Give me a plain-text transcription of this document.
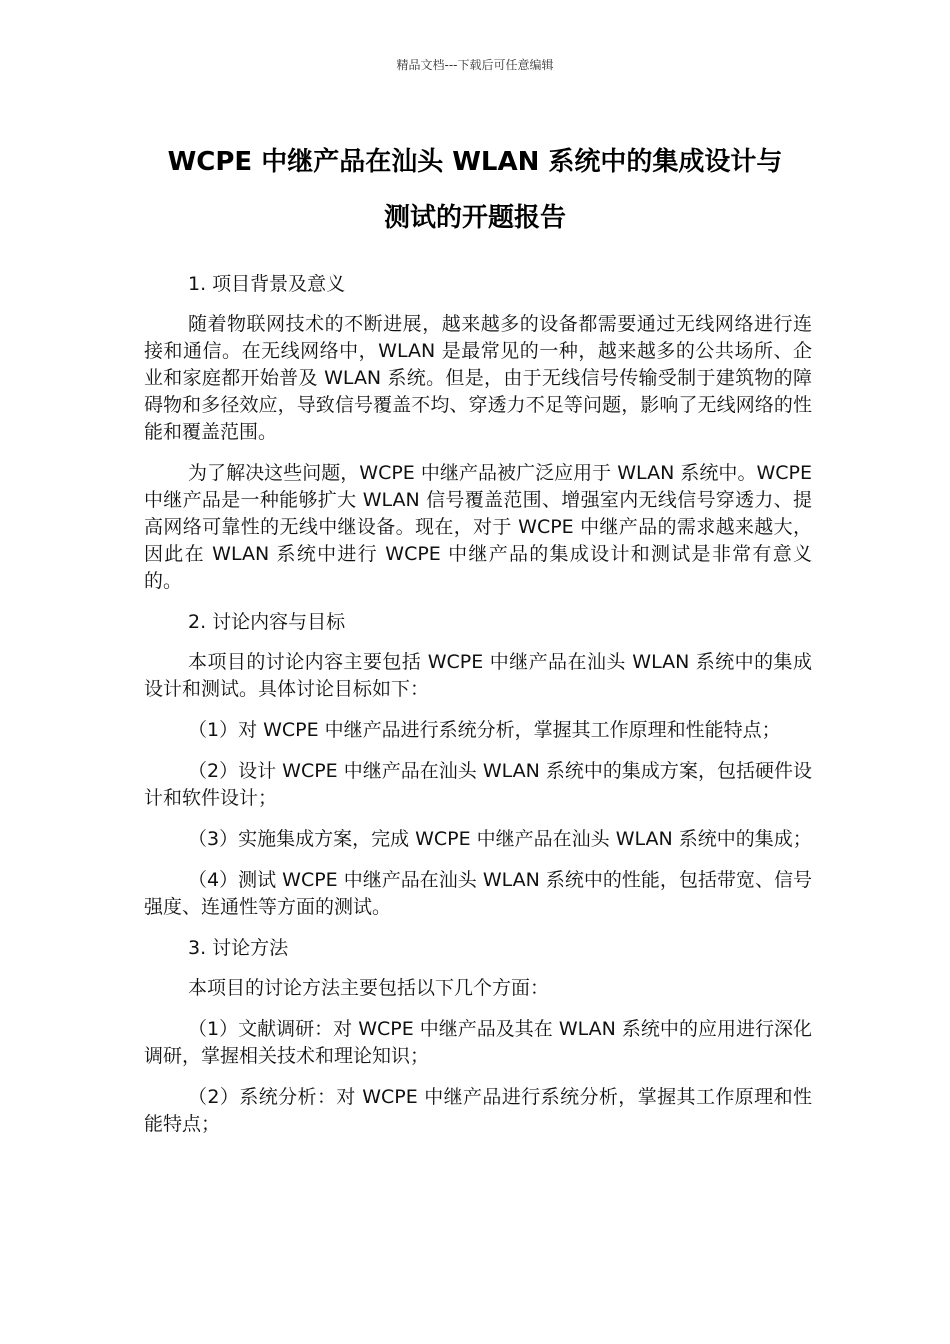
精品文档---下载后可任意编辑
WCPE 中继产品在汕头 WLAN 系统中的集成设计与
测试的开题报告

1. 项目背景及意义

随着物联网技术的不断进展，越来越多的设备都需要通过无线网络进行连接和通信。在无线网络中，WLAN 是最常见的一种，越来越多的公共场所、企业和家庭都开始普及 WLAN 系统。但是，由于无线信号传输受制于建筑物的障碍物和多径效应，导致信号覆盖不均、穿透力不足等问题，影响了无线网络的性能和覆盖范围。

为了解决这些问题，WCPE 中继产品被广泛应用于 WLAN 系统中。WCPE 中继产品是一种能够扩大 WLAN 信号覆盖范围、增强室内无线信号穿透力、提高网络可靠性的无线中继设备。现在，对于 WCPE 中继产品的需求越来越大，因此在 WLAN 系统中进行 WCPE 中继产品的集成设计和测试是非常有意义的。

2. 讨论内容与目标

本项目的讨论内容主要包括 WCPE 中继产品在汕头 WLAN 系统中的集成设计和测试。具体讨论目标如下：

（1）对 WCPE 中继产品进行系统分析，掌握其工作原理和性能特点；

（2）设计 WCPE 中继产品在汕头 WLAN 系统中的集成方案，包括硬件设计和软件设计；

（3）实施集成方案，完成 WCPE 中继产品在汕头 WLAN 系统中的集成；

（4）测试 WCPE 中继产品在汕头 WLAN 系统中的性能，包括带宽、信号强度、连通性等方面的测试。

3. 讨论方法

本项目的讨论方法主要包括以下几个方面：

（1）文献调研：对 WCPE 中继产品及其在 WLAN 系统中的应用进行深化调研，掌握相关技术和理论知识；

（2）系统分析：对 WCPE 中继产品进行系统分析，掌握其工作原理和性能特点；
